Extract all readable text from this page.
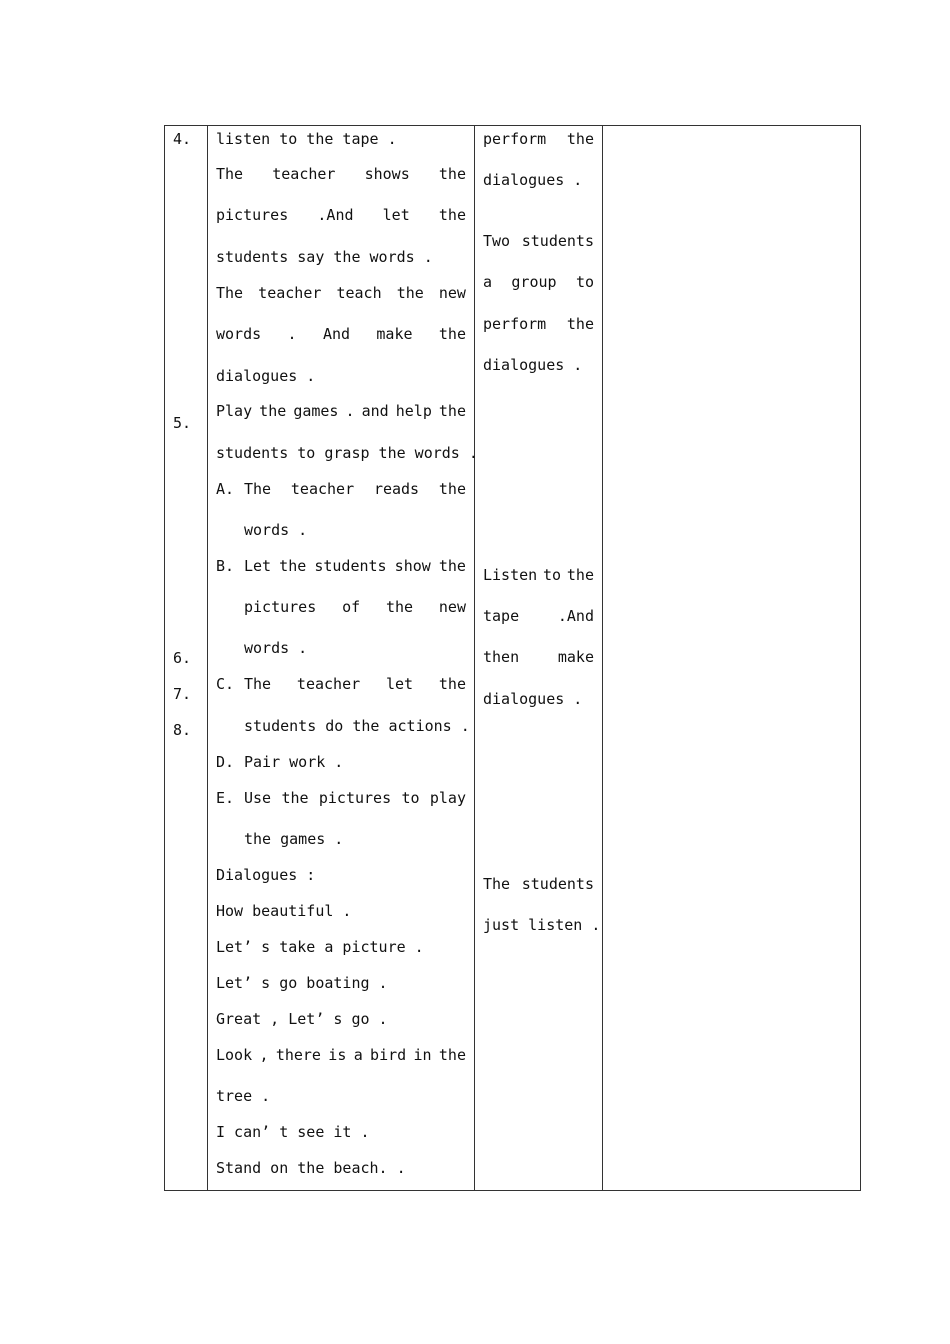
4.
5.
6.
7.
8.
listen to the tape .
The teacher shows the
pictures .And let the
students say the words .
The teacher teach the new
words . And make the
dialogues .
Play the games . and help the
students to grasp the words .
A. The teacher reads the
words .
B. Let the students show the
pictures of the new
words .
C. The teacher let the
students do the actions .
D. Pair work .
E. Use the pictures to play
the games .
Dialogues :
How beautiful .
Let’ s take a picture .
Let’ s go boating .
Great , Let’ s go .
Look , there is a bird in the
tree .
I can’ t see it .
Stand on the beach. .
perform the
dialogues .
Two students
a group to
perform the
dialogues .
Listen to the
tape	.And
then	make
dialogues .
The students
just listen .
